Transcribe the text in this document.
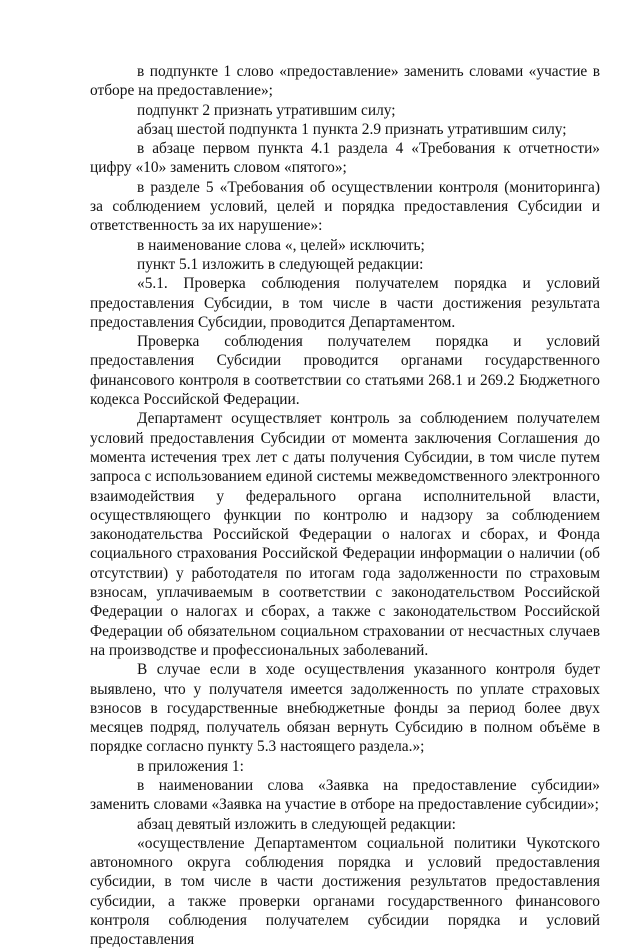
в подпункте 1 слово «предоставление» заменить словами «участие в отборе на предоставление»;

подпункт 2 признать утратившим силу;

абзац шестой подпункта 1 пункта 2.9 признать утратившим силу;

в абзаце первом пункта 4.1 раздела 4 «Требования к отчетности» цифру «10» заменить словом «пятого»;

в разделе 5 «Требования об осуществлении контроля (мониторинга) за соблюдением условий, целей и порядка предоставления Субсидии и ответственность за их нарушение»:

в наименование слова «, целей» исключить;

пункт 5.1 изложить в следующей редакции:

«5.1. Проверка соблюдения получателем порядка и условий предоставления Субсидии, в том числе в части достижения результата предоставления Субсидии, проводится Департаментом.

Проверка соблюдения получателем порядка и условий предоставления Субсидии проводится органами государственного финансового контроля в соответствии со статьями 268.1 и 269.2 Бюджетного кодекса Российской Федерации.

Департамент осуществляет контроль за соблюдением получателем условий предоставления Субсидии от момента заключения Соглашения до момента истечения трех лет с даты получения Субсидии, в том числе путем запроса с использованием единой системы межведомственного электронного взаимодействия у федерального органа исполнительной власти, осуществляющего функции по контролю и надзору за соблюдением законодательства Российской Федерации о налогах и сборах, и Фонда социального страхования Российской Федерации информации о наличии (об отсутствии) у работодателя по итогам года задолженности по страховым взносам, уплачиваемым в соответствии с законодательством Российской Федерации о налогах и сборах, а также с законодательством Российской Федерации об обязательном социальном страховании от несчастных случаев на производстве и профессиональных заболеваний.

В случае если в ходе осуществления указанного контроля будет выявлено, что у получателя имеется задолженность по уплате страховых взносов в государственные внебюджетные фонды за период более двух месяцев подряд, получатель обязан вернуть Субсидию в полном объёме в порядке согласно пункту 5.3 настоящего раздела.»;

в приложения 1:

в наименовании слова «Заявка на предоставление субсидии» заменить словами «Заявка на участие в отборе на предоставление субсидии»;

абзац девятый изложить в следующей редакции:

«осуществление Департаментом социальной политики Чукотского автономного округа соблюдения порядка и условий предоставления субсидии, в том числе в части достижения результатов предоставления субсидии, а также проверки органами государственного финансового контроля соблюдения получателем субсидии порядка и условий предоставления
